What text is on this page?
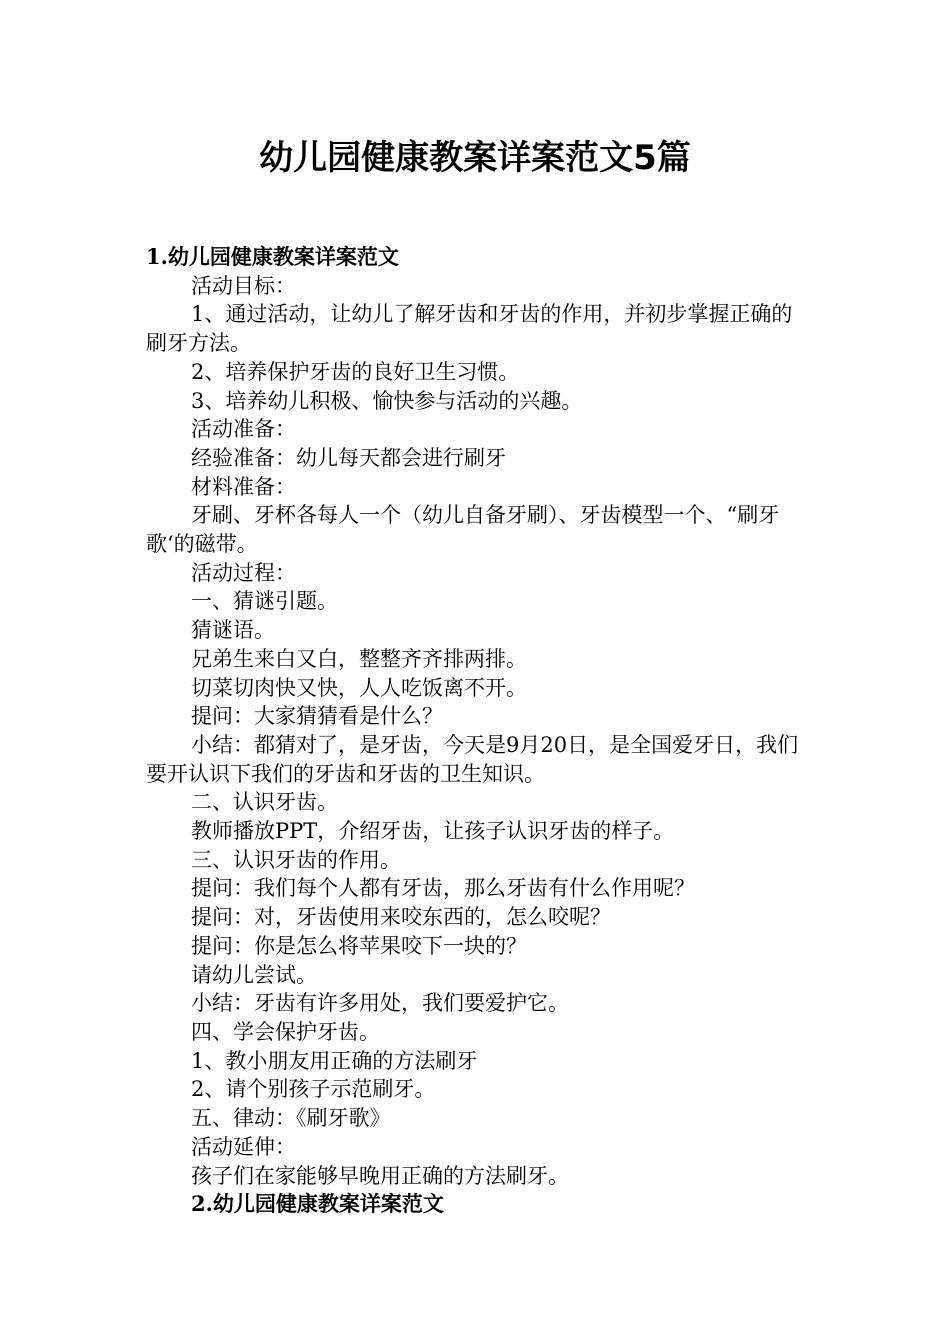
幼儿园健康教案详案范文5篇

1.幼儿园健康教案详案范文

活动目标：

1、通过活动，让幼儿了解牙齿和牙齿的作用，并初步掌握正确的刷牙方法。

2、培养保护牙齿的良好卫生习惯。

3、培养幼儿积极、愉快参与活动的兴趣。

活动准备：

经验准备：幼儿每天都会进行刷牙

材料准备：

牙刷、牙杯各每人一个（幼儿自备牙刷）、牙齿模型一个、“刷牙歌‘的磁带。

活动过程：

一、猜谜引题。

猜谜语。

兄弟生来白又白，整整齐齐排两排。

切菜切肉快又快，人人吃饭离不开。

提问：大家猜猜看是什么？

小结：都猜对了，是牙齿，今天是9月20日，是全国爱牙日，我们要开认识下我们的牙齿和牙齿的卫生知识。

二、认识牙齿。

教师播放PPT，介绍牙齿，让孩子认识牙齿的样子。

三、认识牙齿的作用。

提问：我们每个人都有牙齿，那么牙齿有什么作用呢？

提问：对，牙齿使用来咬东西的，怎么咬呢？

提问：你是怎么将苹果咬下一块的？

请幼儿尝试。

小结：牙齿有许多用处，我们要爱护它。

四、学会保护牙齿。

1、教小朋友用正确的方法刷牙

2、请个别孩子示范刷牙。

五、律动：《刷牙歌》

活动延伸：

孩子们在家能够早晚用正确的方法刷牙。

2.幼儿园健康教案详案范文
